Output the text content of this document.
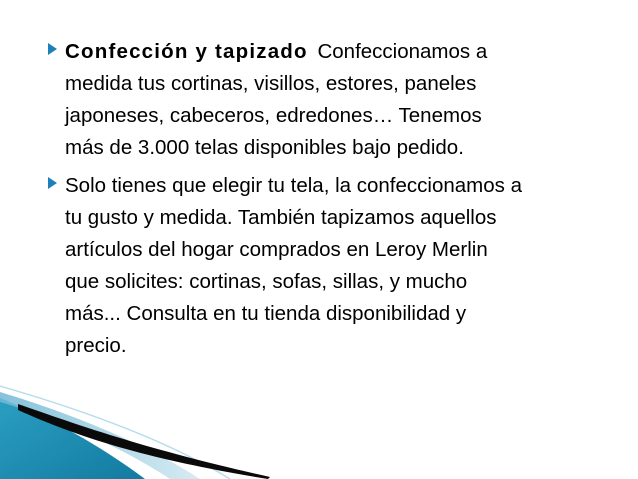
Confección y tapizado Confeccionamos a
medida tus cortinas, visillos, estores, paneles
japoneses, cabeceros, edredones… Tenemos
más de 3.000 telas disponibles bajo pedido.
Solo tienes que elegir tu tela, la confeccionamos a
tu gusto y medida. También tapizamos aquellos
artículos del hogar comprados en Leroy Merlin
que solicites: cortinas, sofas, sillas, y mucho
más... Consulta en tu tienda disponibilidad y
precio.
